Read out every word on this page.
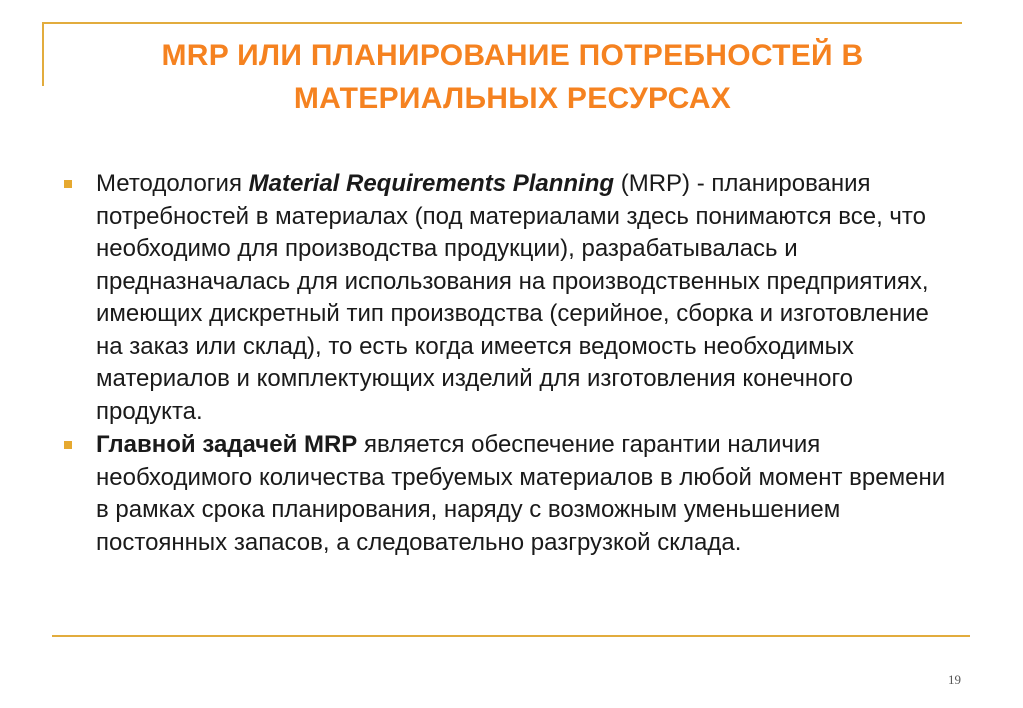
MRP ИЛИ ПЛАНИРОВАНИЕ ПОТРЕБНОСТЕЙ В
МАТЕРИАЛЬНЫХ РЕСУРСАХ
Методология Material Requirements Planning (MRP) - планирования потребностей в материалах (под материалами здесь понимаются все, что необходимо для производства продукции), разрабатывалась и предназначалась для использования на производственных предприятиях, имеющих дискретный тип производства (серийное, сборка и изготовление на заказ или склад), то есть когда имеется ведомость необходимых материалов и комплектующих изделий для изготовления конечного продукта.
Главной задачей MRP является обеспечение гарантии наличия необходимого количества требуемых материалов в любой момент времени в рамках срока планирования, наряду с возможным уменьшением постоянных запасов, а следовательно разгрузкой склада.
19
